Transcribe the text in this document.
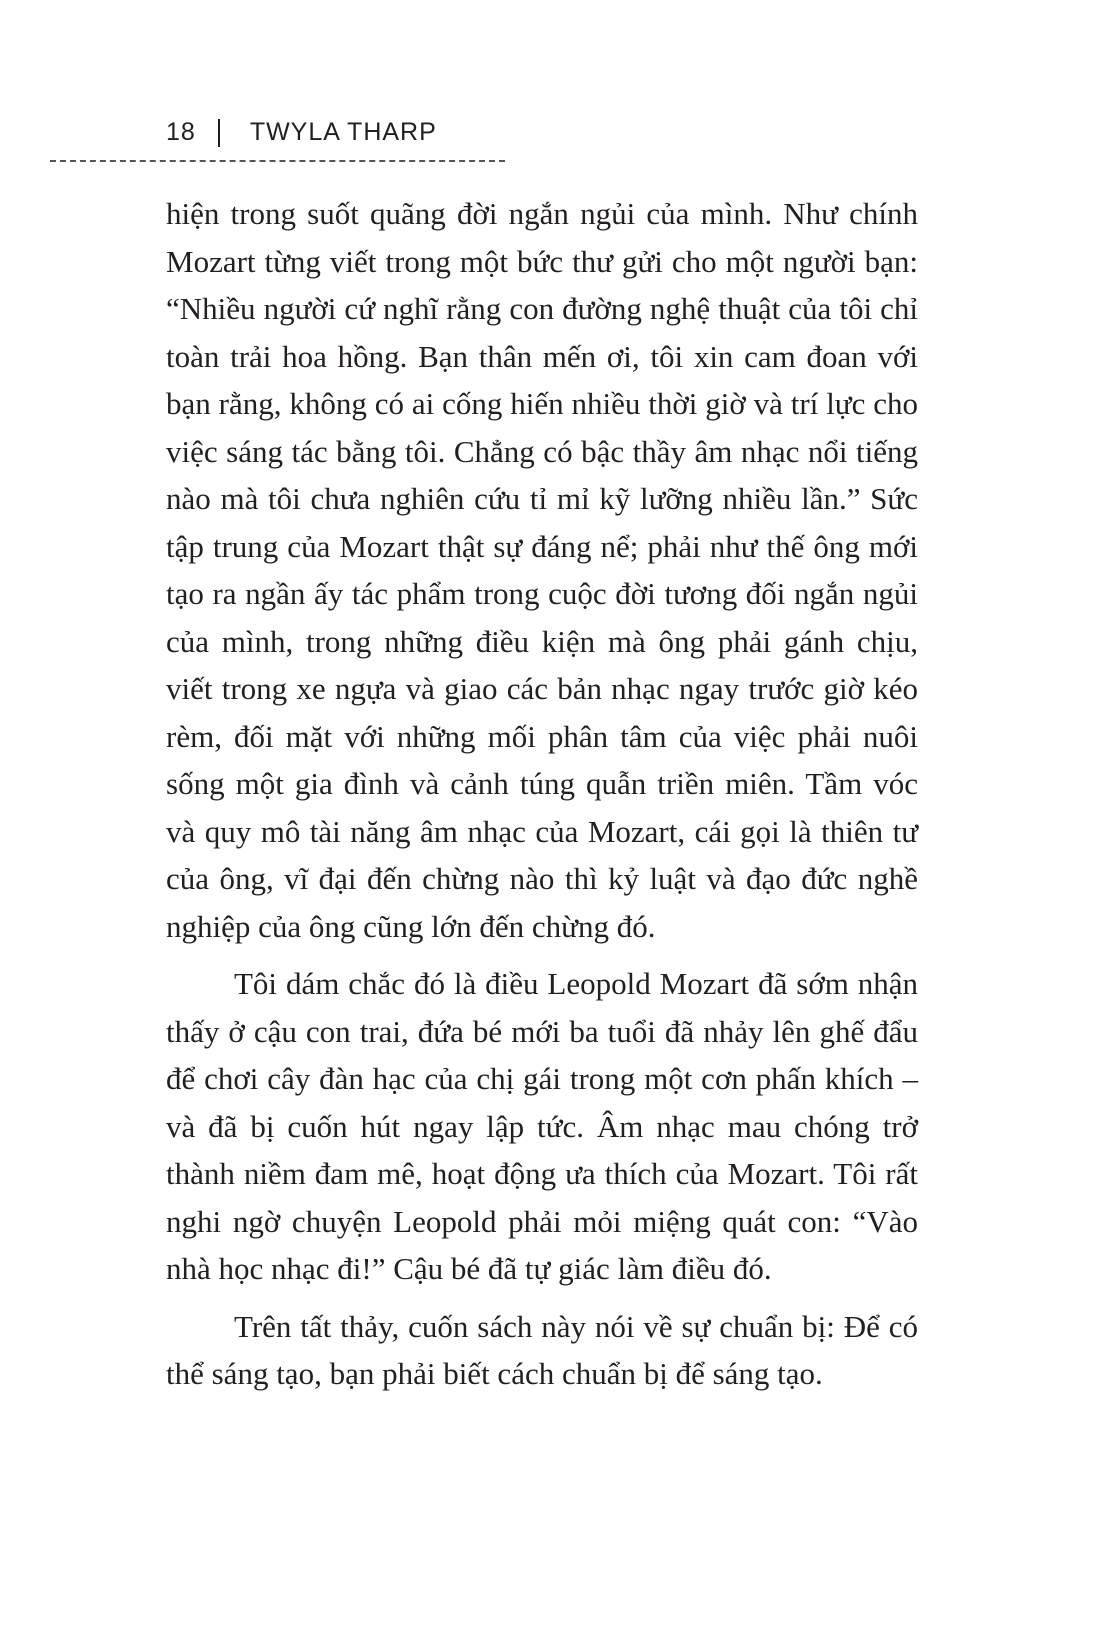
18 TWYLA THARP

hiện trong suốt quãng đời ngắn ngủi của mình. Như chính Mozart từng viết trong một bức thư gửi cho một người bạn: “Nhiều người cứ nghĩ rằng con đường nghệ thuật của tôi chỉ toàn trải hoa hồng. Bạn thân mến ơi, tôi xin cam đoan với bạn rằng, không có ai cống hiến nhiều thời giờ và trí lực cho việc sáng tác bằng tôi. Chẳng có bậc thầy âm nhạc nổi tiếng nào mà tôi chưa nghiên cứu tỉ mỉ kỹ lưỡng nhiều lần.” Sức tập trung của Mozart thật sự đáng nể; phải như thế ông mới tạo ra ngần ấy tác phẩm trong cuộc đời tương đối ngắn ngủi của mình, trong những điều kiện mà ông phải gánh chịu, viết trong xe ngựa và giao các bản nhạc ngay trước giờ kéo rèm, đối mặt với những mối phân tâm của việc phải nuôi sống một gia đình và cảnh túng quẫn triền miên. Tầm vóc và quy mô tài năng âm nhạc của Mozart, cái gọi là thiên tư của ông, vĩ đại đến chừng nào thì kỷ luật và đạo đức nghề nghiệp của ông cũng lớn đến chừng đó.

Tôi dám chắc đó là điều Leopold Mozart đã sớm nhận thấy ở cậu con trai, đứa bé mới ba tuổi đã nhảy lên ghế đẩu để chơi cây đàn hạc của chị gái trong một cơn phấn khích – và đã bị cuốn hút ngay lập tức. Âm nhạc mau chóng trở thành niềm đam mê, hoạt động ưa thích của Mozart. Tôi rất nghi ngờ chuyện Leopold phải mỏi miệng quát con: “Vào nhà học nhạc đi!” Cậu bé đã tự giác làm điều đó.

Trên tất thảy, cuốn sách này nói về sự chuẩn bị: Để có thể sáng tạo, bạn phải biết cách chuẩn bị để sáng tạo.
